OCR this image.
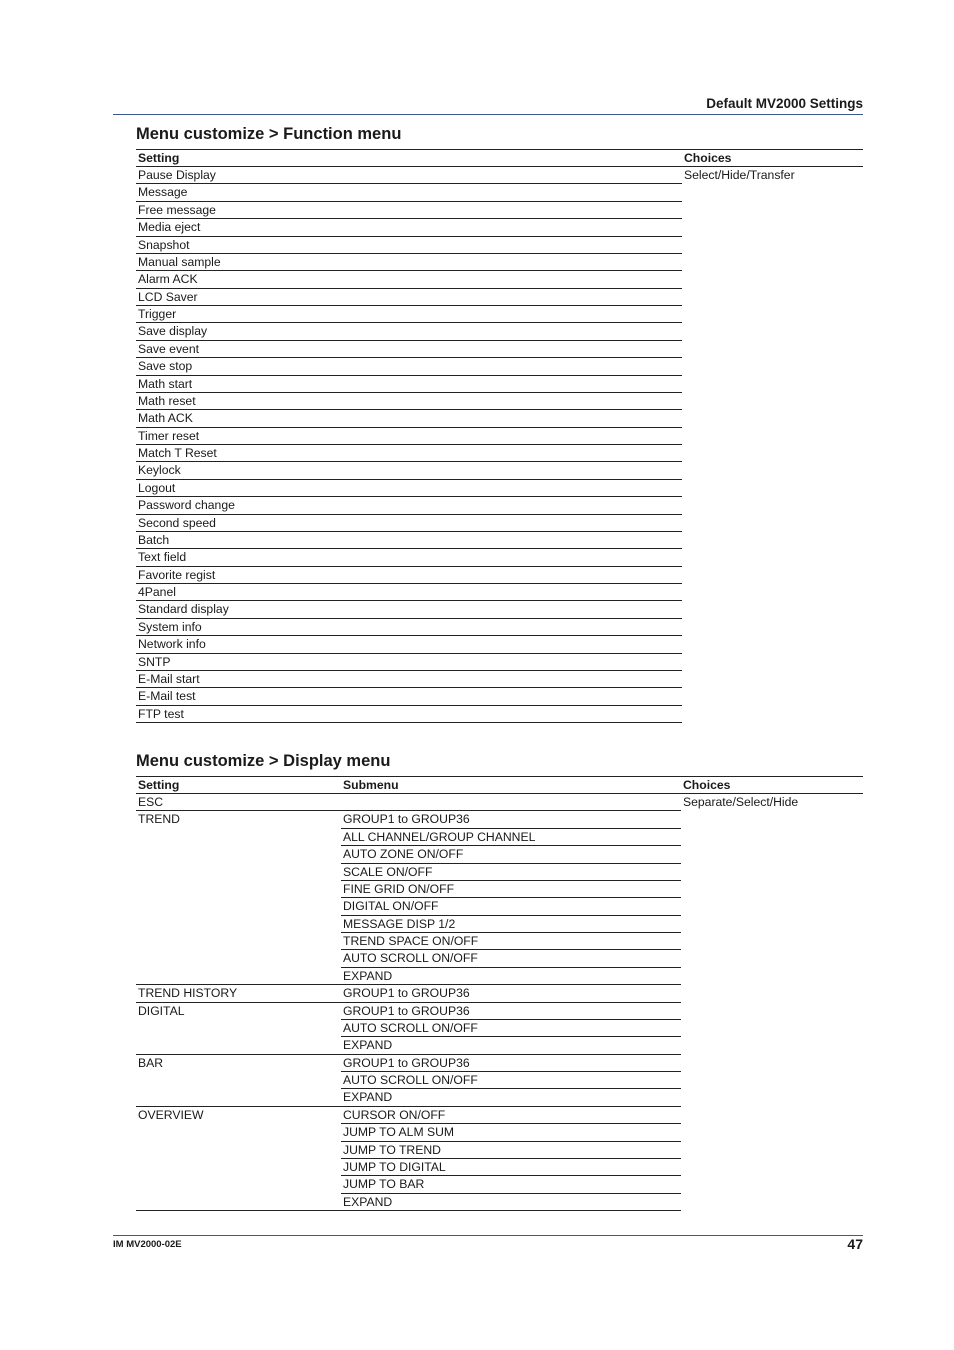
Default MV2000 Settings
Menu customize > Function menu
Setting	Choices
Pause Display	Select/Hide/Transfer
Message	
Free message	
Media eject	
Snapshot	
Manual sample	
Alarm ACK	
LCD Saver	
Trigger	
Save display	
Save event	
Save stop	
Math start	
Math reset	
Math ACK	
Timer reset	
Match T Reset	
Keylock	
Logout	
Password change	
Second speed	
Batch	
Text field	
Favorite regist	
4Panel	
Standard display	
System info	
Network info	
SNTP	
E-Mail start	
E-Mail test	
FTP test	
Menu customize > Display menu
Setting	Submenu	Choices
ESC		Separate/Select/Hide
TREND	GROUP1 to GROUP36	
	ALL CHANNEL/GROUP CHANNEL	
	AUTO ZONE ON/OFF	
	SCALE ON/OFF	
	FINE GRID ON/OFF	
	DIGITAL ON/OFF	
	MESSAGE DISP 1/2	
	TREND SPACE ON/OFF	
	AUTO SCROLL ON/OFF	
	EXPAND	
TREND HISTORY	GROUP1 to GROUP36	
DIGITAL	GROUP1 to GROUP36	
	AUTO SCROLL ON/OFF	
	EXPAND	
BAR	GROUP1 to GROUP36	
	AUTO SCROLL ON/OFF	
	EXPAND	
OVERVIEW	CURSOR ON/OFF	
	JUMP TO ALM SUM	
	JUMP TO TREND	
	JUMP TO DIGITAL	
	JUMP TO BAR	
	EXPAND	
IM MV2000-02E	47
